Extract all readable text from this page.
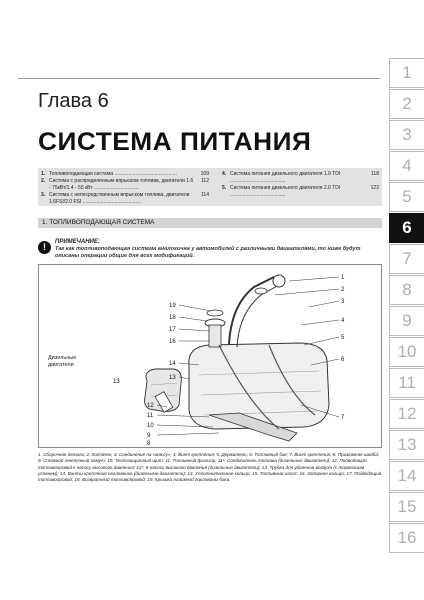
Глава 6
СИСТЕМА ПИТАНИЯ
1. Топливоподающая система .............................................	109
2. Система с распределенным впрыском топлива, двигатели 1.6 - 75кВт/1.4 - 55 кВт ................................
112
3. Система с непосредственным впрыском топлива, двигатели 1.6FSI/2.0 FSI ..........................................
114
4. Система питания дизельного двигателя 1.9 TDI ........................................
118
5. Система питания дизельного двигателя 2.0 TDI ........................................
122
1. ТОПЛИВОПОДАЮЩАЯ СИСТЕМА
!	ПРИМЕЧАНИЕ:
Так как топливоподающая система аналогична у автомобилей с различными двигателями, то ниже будут описаны операции общие для всех модификаций.
1
2
3
4
5
6
7
19
18
17
16
14
13
12
11
10
9
8
13
Дизельные
двигатели
1. Сборочная деталь; 2. Колпачок; 3. Соединение на «массу»; 4. Винт крепления; 5. Держатель; 6. Топливный бак; 7. Винт крепления; 8. Прижимная шайба; 9. Стяжной ленточный хомут; 10. Теплозащитный щит; 11. Топливный фильтр; 11*. Соединитель топлива (дизельные двигатели); 12. Подводящий топливопровод к насосу высокого давления; 12*. К насосу высокого давления (дизельные двигатели); 13. Трубка для удаления воздуха (с тормозным угленем); 14. Винты крепления оголовника (дизельные двигатели); 14. Уплотнительное кольцо; 15. Топливный насос; 16. Запорное кольцо; 17. Подводящий топливопровод; 18. Возвратный топливопровод; 19. Крышка наливной горловины бака.
1
2
3
4
5
6
7
8
9
10
11
12
13
14
15
16
